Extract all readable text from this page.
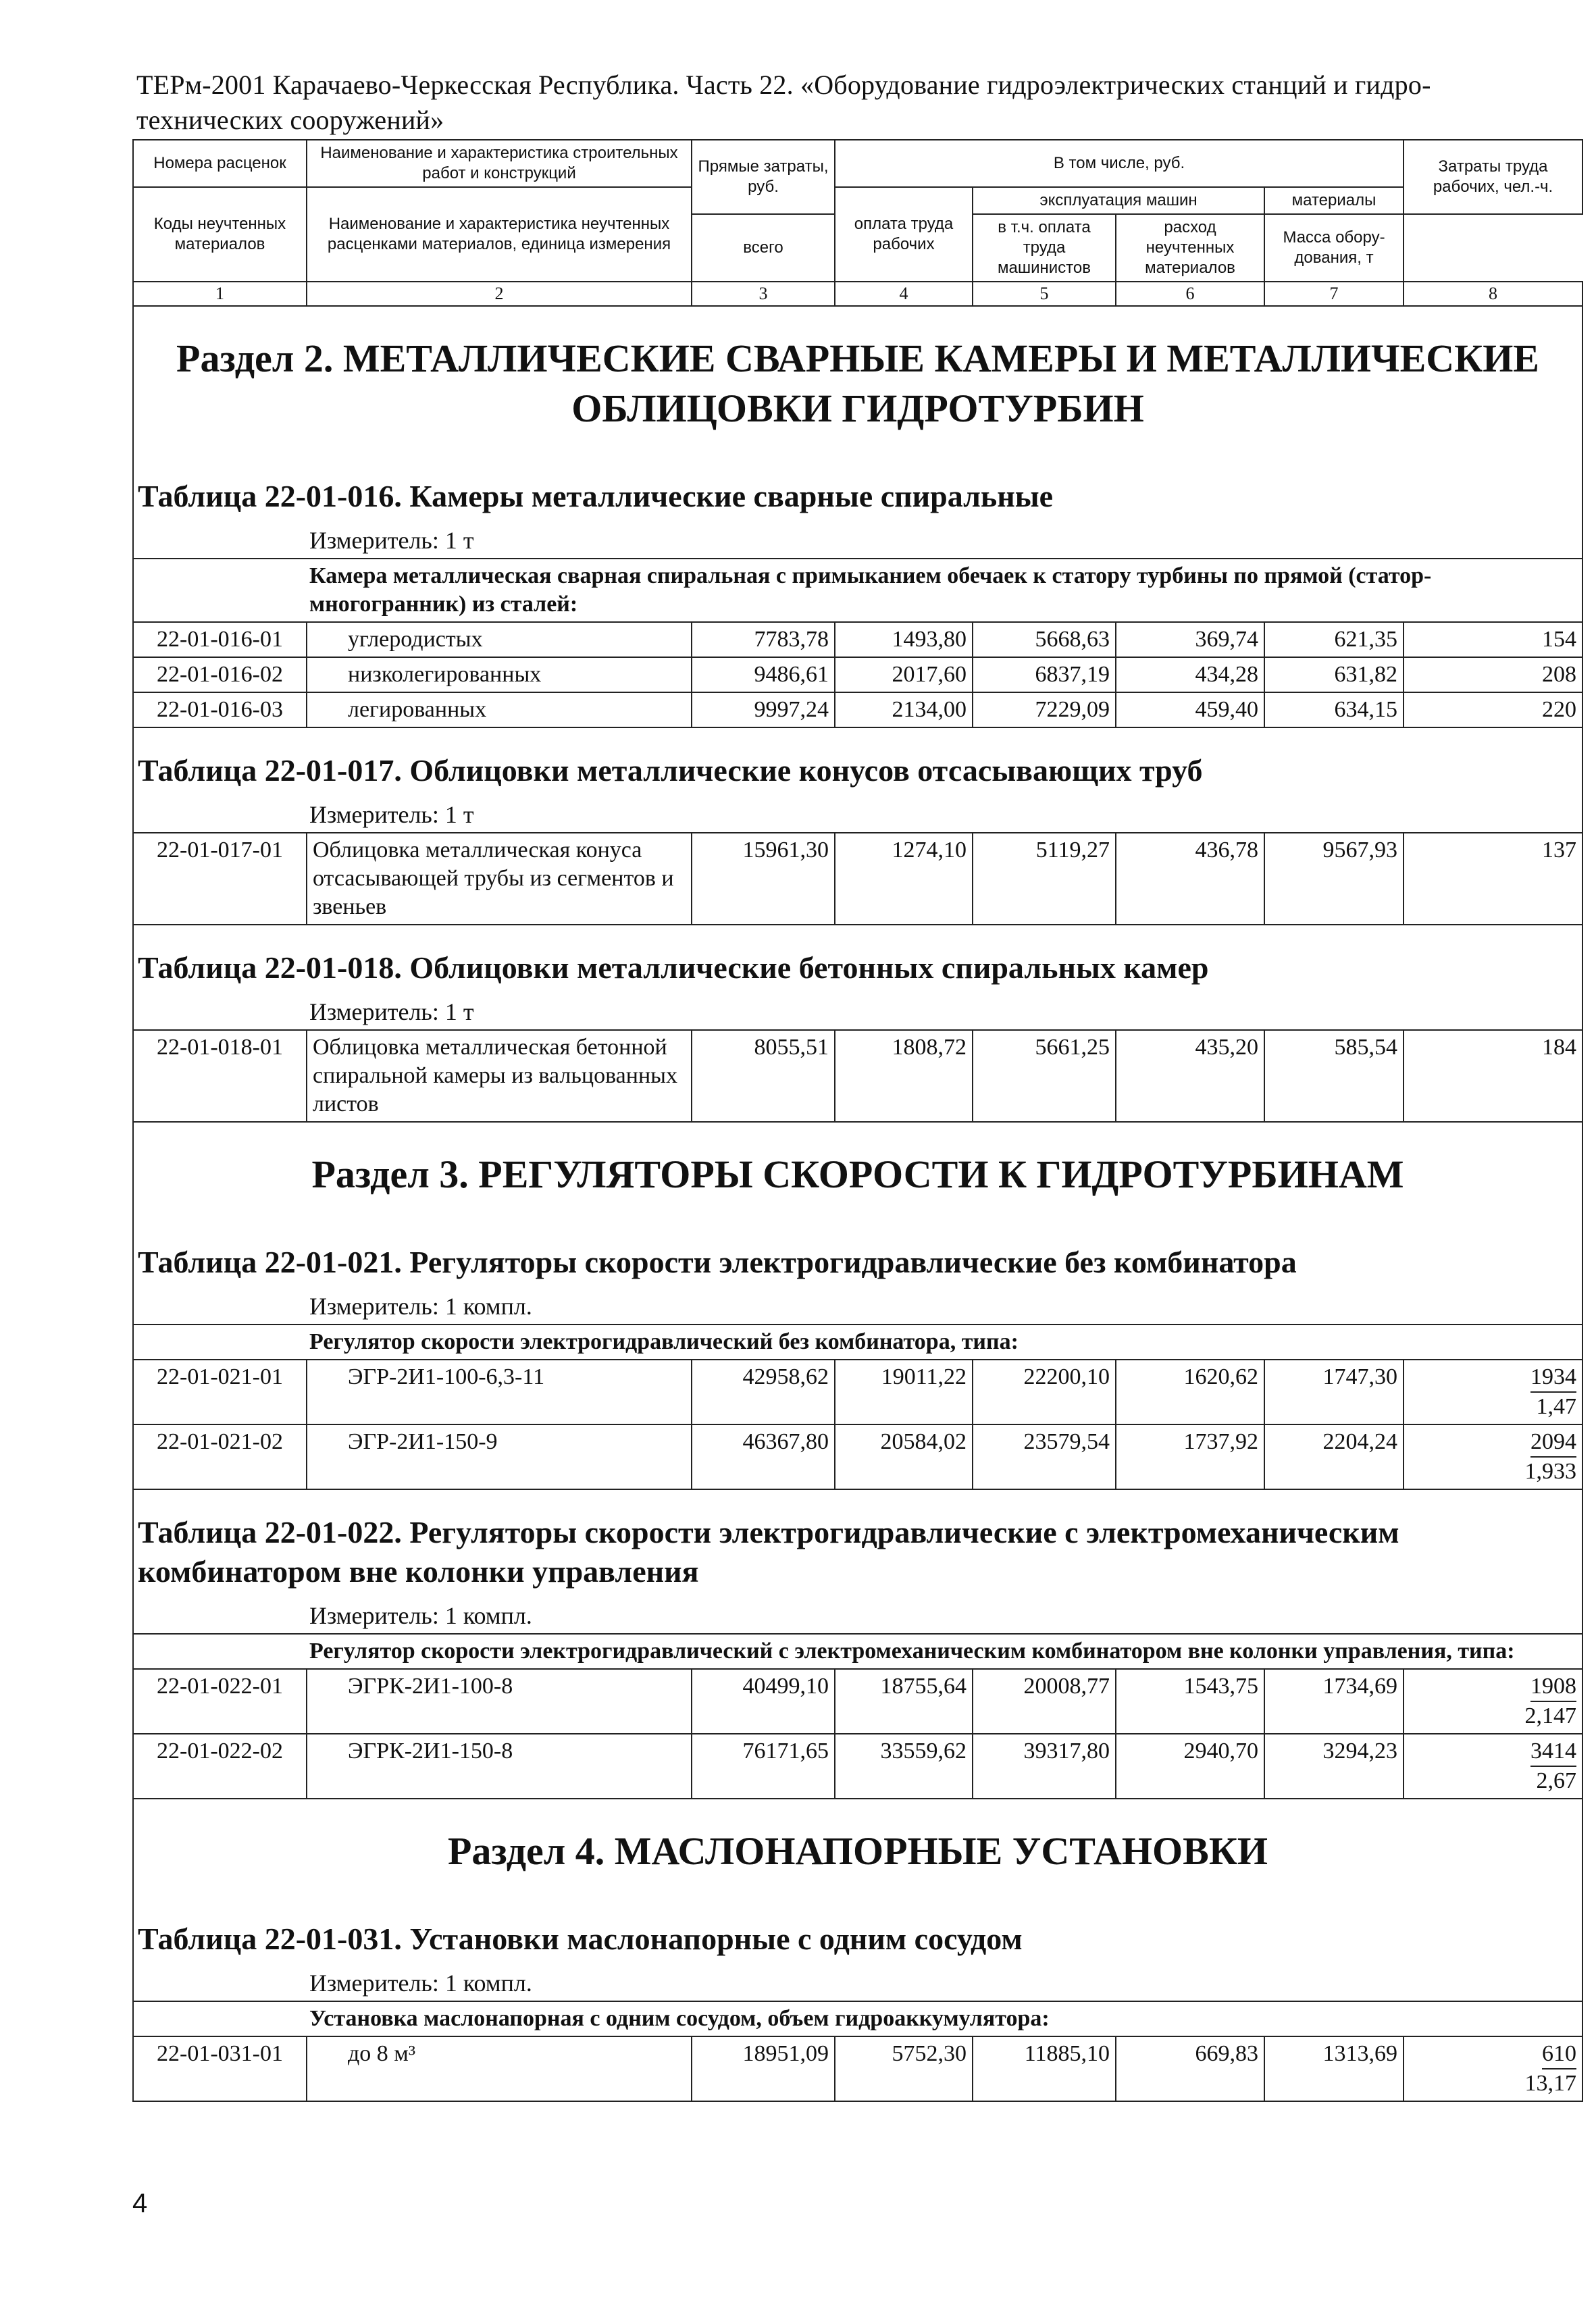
ТЕРм-2001 Карачаево-Черкесская Республика. Часть 22. «Оборудование гидроэлектрических станций и гидро-
технических сооружений»
Номера расценок	Наименование и характеристика строительных работ и конструкций	Прямые затраты, руб.	В том числе, руб.				Затраты труда рабочих, чел.-ч.
Коды неучтенных материалов	Наименование и характеристика неучтенных расценками материалов, единица измерения		оплата труда рабочих	эксплуатация машин		материалы	
		всего		в т.ч. оплата труда машинистов	расход неучтенных материалов	Масса обору-дования, т	

1	2	3	4	5	6	7	8
Раздел 2. МЕТАЛЛИЧЕСКИЕ СВАРНЫЕ КАМЕРЫ И МЕТАЛЛИЧЕСКИЕ ОБЛИЦОВКИ ГИДРОТУРБИН							
Таблица 22-01-016. Камеры металлические сварные спиральные							
Измеритель: 1 т							
Камера металлическая сварная спиральная с примыканием обечаек к статору турбины по прямой (статор-многогранник) из сталей:							
22-01-016-01	углеродистых	7783,78	1493,80	5668,63	369,74	621,35	154
22-01-016-02	низколегированных	9486,61	2017,60	6837,19	434,28	631,82	208
22-01-016-03	легированных	9997,24	2134,00	7229,09	459,40	634,15	220
Таблица 22-01-017. Облицовки металлические конусов отсасывающих труб							
Измеритель: 1 т							
22-01-017-01	Облицовка металлическая конуса отсасывающей трубы из сегментов и звеньев	15961,30	1274,10	5119,27	436,78	9567,93	137
Таблица 22-01-018. Облицовки металлические бетонных спиральных камер							
Измеритель: 1 т							
22-01-018-01	Облицовка металлическая бетонной спиральной камеры из вальцованных листов	8055,51	1808,72	5661,25	435,20	585,54	184
Раздел 3. РЕГУЛЯТОРЫ СКОРОСТИ К ГИДРОТУРБИНАМ							
Таблица 22-01-021. Регуляторы скорости электрогидравлические без комбинатора							
Измеритель: 1 компл.							
Регулятор скорости электрогидравлический без комбинатора, типа:							
22-01-021-01	ЭГР-2И1-100-6,3-11	42958,62	19011,22	22200,10	1620,62	1747,30	1934
1,47

22-01-021-02	ЭГР-2И1-150-9	46367,80	20584,02	23579,54	1737,92	2204,24	2094
1,933

Таблица 22-01-022. Регуляторы скорости электрогидравлические с электромеханическим комбинатором вне колонки управления							
Измеритель: 1 компл.							
Регулятор скорости электрогидравлический с электромеханическим комбинатором вне колонки управления, типа:							
22-01-022-01	ЭГРК-2И1-100-8	40499,10	18755,64	20008,77	1543,75	1734,69	1908
2,147

22-01-022-02	ЭГРК-2И1-150-8	76171,65	33559,62	39317,80	2940,70	3294,23	3414
2,67

Раздел 4. МАСЛОНАПОРНЫЕ УСТАНОВКИ							
Таблица 22-01-031. Установки маслонапорные с одним сосудом							
Измеритель: 1 компл.							
Установка маслонапорная с одним сосудом, объем гидроаккумулятора:							
22-01-031-01	до 8 м³	18951,09	5752,30	11885,10	669,83	1313,69	610
13,17
4
